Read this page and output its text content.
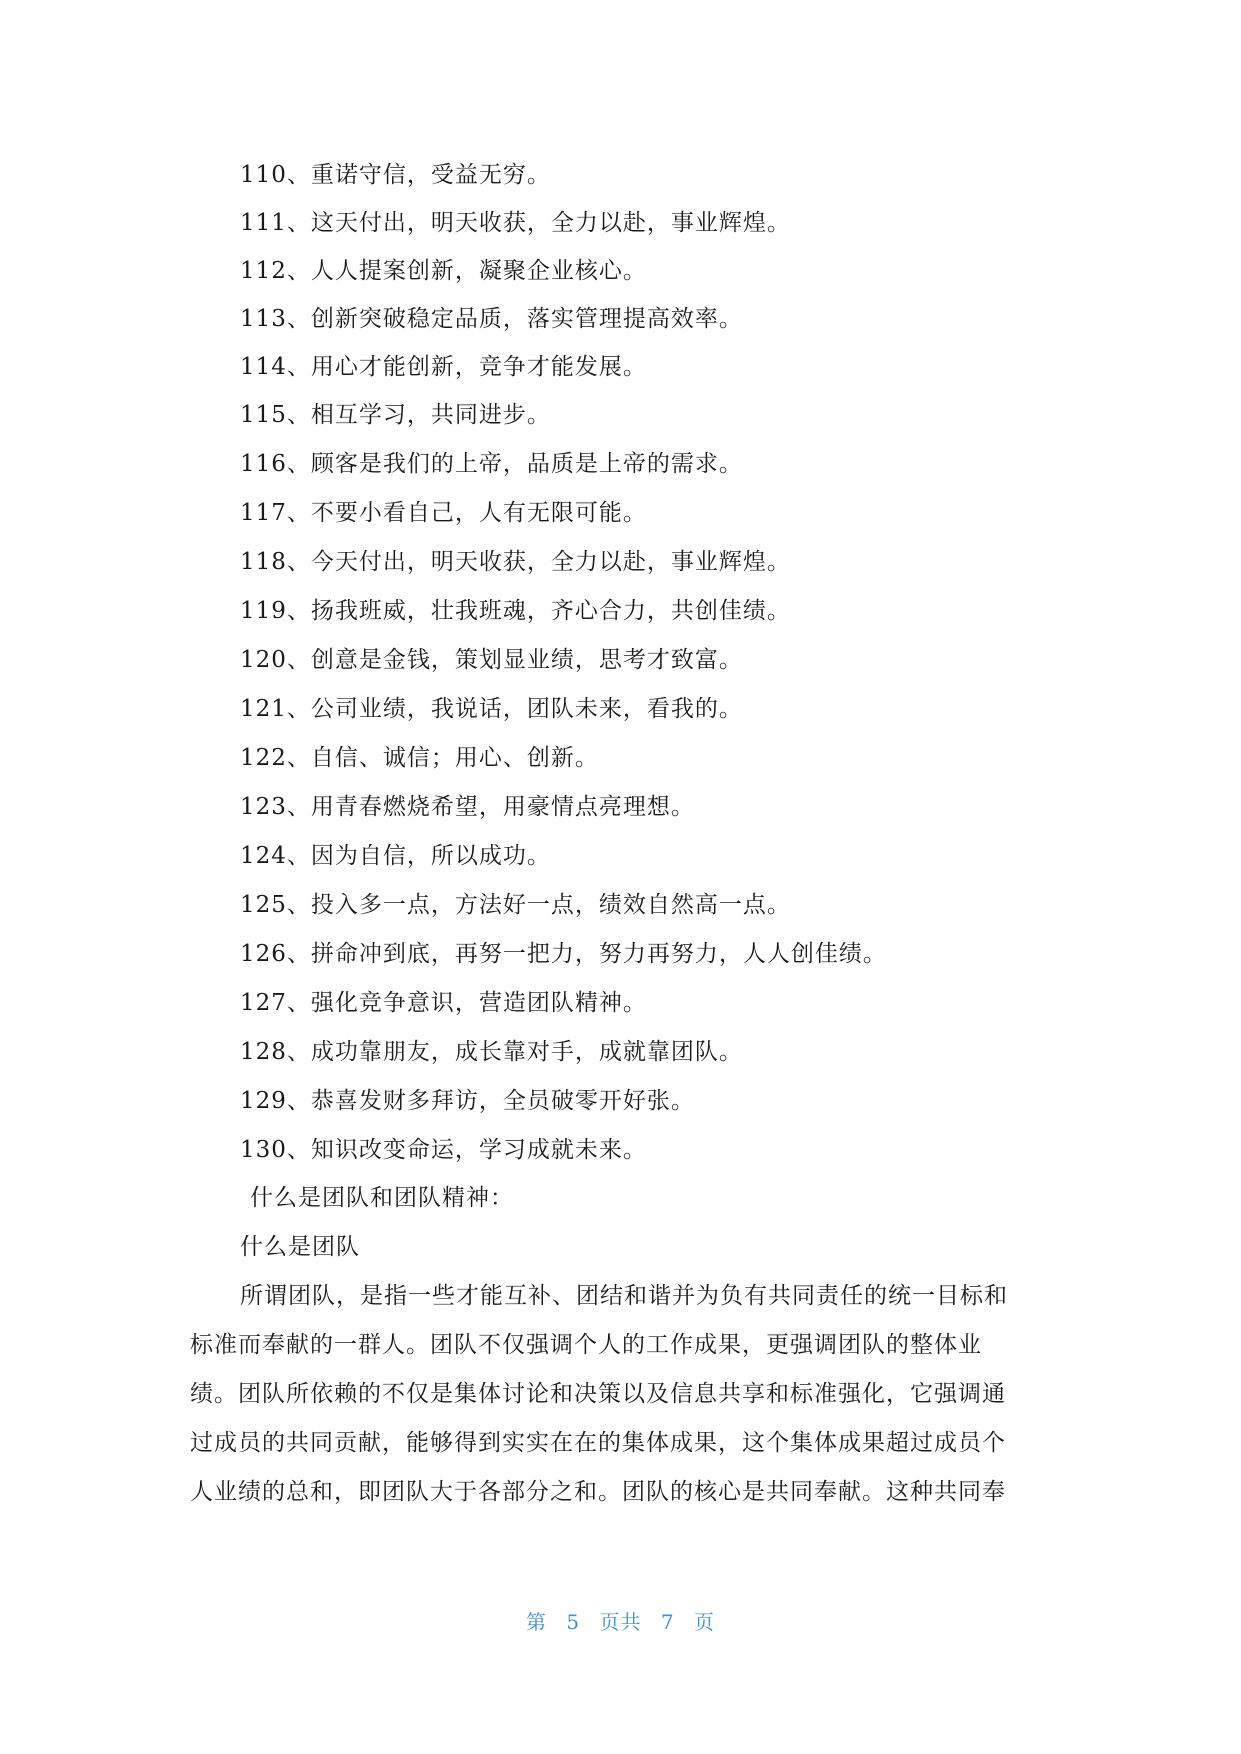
110、重诺守信，受益无穷。
111、这天付出，明天收获，全力以赴，事业辉煌。
112、人人提案创新，凝聚企业核心。
113、创新突破稳定品质，落实管理提高效率。
114、用心才能创新，竞争才能发展。
115、相互学习，共同进步。
116、顾客是我们的上帝，品质是上帝的需求。
117、不要小看自己，人有无限可能。
118、今天付出，明天收获，全力以赴，事业辉煌。
119、扬我班威，壮我班魂，齐心合力，共创佳绩。
120、创意是金钱，策划显业绩，思考才致富。
121、公司业绩，我说话，团队未来，看我的。
122、自信、诚信；用心、创新。
123、用青春燃烧希望，用豪情点亮理想。
124、因为自信，所以成功。
125、投入多一点，方法好一点，绩效自然高一点。
126、拼命冲到底，再努一把力，努力再努力，人人创佳绩。
127、强化竞争意识，营造团队精神。
128、成功靠朋友，成长靠对手，成就靠团队。
129、恭喜发财多拜访，全员破零开好张。
130、知识改变命运，学习成就未来。
什么是团队和团队精神：
什么是团队
所谓团队，是指一些才能互补、团结和谐并为负有共同责任的统一目标和
标准而奉献的一群人。团队不仅强调个人的工作成果，更强调团队的整体业
绩。团队所依赖的不仅是集体讨论和决策以及信息共享和标准强化，它强调通
过成员的共同贡献，能够得到实实在在的集体成果，这个集体成果超过成员个
人业绩的总和，即团队大于各部分之和。团队的核心是共同奉献。这种共同奉
第 5 页共 7 页
